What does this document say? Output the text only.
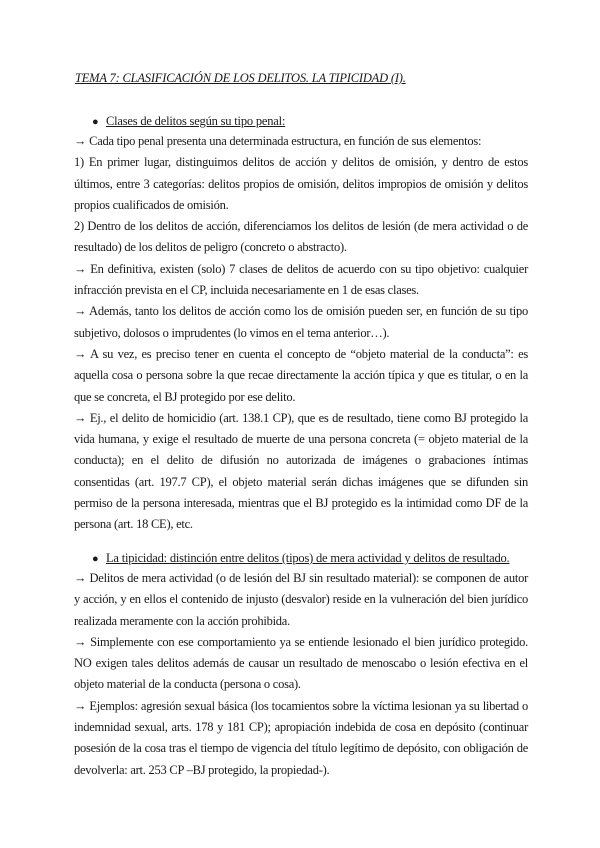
TEMA 7: CLASIFICACIÓN DE LOS DELITOS. LA TIPICIDAD (I).
● Clases de delitos según su tipo penal:

→ Cada tipo penal presenta una determinada estructura, en función de sus elementos:

1) En primer lugar, distinguimos delitos de acción y delitos de omisión, y dentro de estos últimos, entre 3 categorías: delitos propios de omisión, delitos impropios de omisión y delitos propios cualificados de omisión.

2) Dentro de los delitos de acción, diferenciamos los delitos de lesión (de mera actividad o de resultado) de los delitos de peligro (concreto o abstracto).

→ En definitiva, existen (solo) 7 clases de delitos de acuerdo con su tipo objetivo: cualquier infracción prevista en el CP, incluida necesariamente en 1 de esas clases.

→ Además, tanto los delitos de acción como los de omisión pueden ser, en función de su tipo subjetivo, dolosos o imprudentes (lo vimos en el tema anterior…).

→ A su vez, es preciso tener en cuenta el concepto de “objeto material de la conducta”: es aquella cosa o persona sobre la que recae directamente la acción típica y que es titular, o en la que se concreta, el BJ protegido por ese delito.

→ Ej., el delito de homicidio (art. 138.1 CP), que es de resultado, tiene como BJ protegido la vida humana, y exige el resultado de muerte de una persona concreta (= objeto material de la conducta); en el delito de difusión no autorizada de imágenes o grabaciones íntimas consentidas (art. 197.7 CP), el objeto material serán dichas imágenes que se difunden sin permiso de la persona interesada, mientras que el BJ protegido es la intimidad como DF de la persona (art. 18 CE), etc.

● La tipicidad: distinción entre delitos (tipos) de mera actividad y delitos de resultado.

→ Delitos de mera actividad (o de lesión del BJ sin resultado material): se componen de autor y acción, y en ellos el contenido de injusto (desvalor) reside en la vulneración del bien jurídico realizada meramente con la acción prohibida.

→ Simplemente con ese comportamiento ya se entiende lesionado el bien jurídico protegido. NO exigen tales delitos además de causar un resultado de menoscabo o lesión efectiva en el objeto material de la conducta (persona o cosa).

→ Ejemplos: agresión sexual básica (los tocamientos sobre la víctima lesionan ya su libertad o indemnidad sexual, arts. 178 y 181 CP); apropiación indebida de cosa en depósito (continuar posesión de la cosa tras el tiempo de vigencia del título legítimo de depósito, con obligación de devolverla: art. 253 CP –BJ protegido, la propiedad-).
